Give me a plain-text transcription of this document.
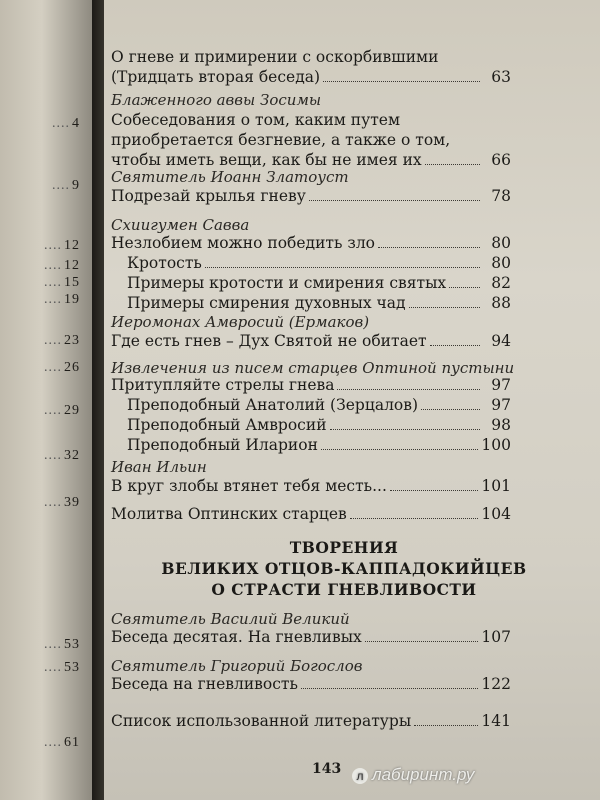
.... 4
.... 9
.... 12
.... 12
.... 15
.... 19
.... 23
.... 26
.... 29
.... 32
.... 39
.... 53
.... 53
.... 61
О гневе и примирении с оскорбившими
(Тридцать вторая беседа)	63
Блаженного аввы Зосимы
Собеседования о том, каким путем
приобретается безгневие, а также о том,
чтобы иметь вещи, как бы не имея их	66
Святитель Иоанн Златоуст
Подрезай крылья гневу	78
Схиигумен Савва
Незлобием можно победить зло	80
Кротость	80
Примеры кротости и смирения святых	82
Примеры смирения духовных чад	88
Иеромонах Амвросий (Ермаков)
Где есть гнев – Дух Святой не обитает	94
Извлечения из писем старцев Оптиной пустыни
Притупляйте стрелы гнева	97
Преподобный Анатолий (Зерцалов)	97
Преподобный Амвросий	98
Преподобный Иларион	100
Иван Ильин
В круг злобы втянет тебя месть...	101
Молитва Оптинских старцев	104
ТВОРЕНИЯ
ВЕЛИКИХ ОТЦОВ-КАППАДОКИЙЦЕВ
О СТРАСТИ ГНЕВЛИВОСТИ
Святитель Василий Великий
Беседа десятая. На гневливых	107
Святитель Григорий Богослов
Беседа на гневливость	122
Список использованной литературы	141
143	л лабиринт.ру
